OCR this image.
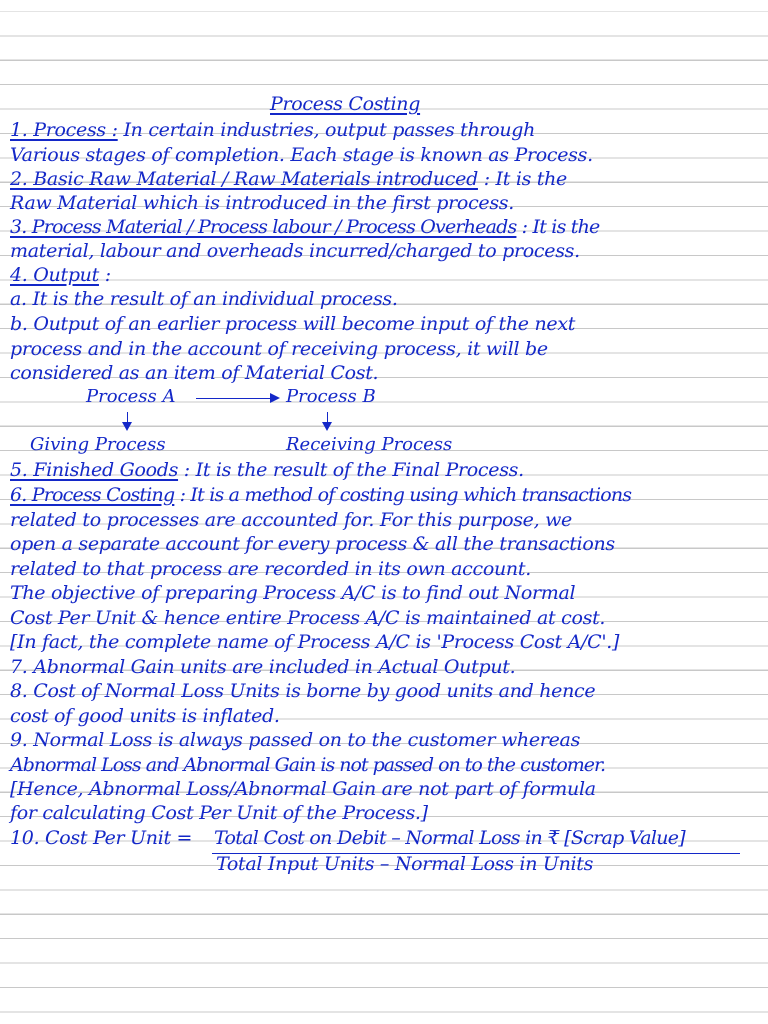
Process Costing
1. Process : In certain industries, output passes through
Various stages of completion. Each stage is known as Process.
2. Basic Raw Material / Raw Materials introduced : It is the
Raw Material which is introduced in the first process.
3. Process Material / Process labour / Process Overheads : It is the
material, labour and overheads incurred/charged to process.
4. Output :
a. It is the result of an individual process.
b. Output of an earlier process will become input of the next
process and in the account of receiving process, it will be
considered as an item of Material Cost.
Process A	Process B
Giving Process	Receiving Process
5. Finished Goods : It is the result of the Final Process.
6. Process Costing : It is a method of costing using which transactions
related to processes are accounted for. For this purpose, we
open a separate account for every process & all the transactions
related to that process are recorded in its own account.
The objective of preparing Process A/C is to find out Normal
Cost Per Unit & hence entire Process A/C is maintained at cost.
[In fact, the complete name of Process A/C is 'Process Cost A/C'.]
7. Abnormal Gain units are included in Actual Output.
8. Cost of Normal Loss Units is borne by good units and hence
cost of good units is inflated.
9. Normal Loss is always passed on to the customer whereas
Abnormal Loss and Abnormal Gain is not passed on to the customer.
[Hence, Abnormal Loss/Abnormal Gain are not part of formula
for calculating Cost Per Unit of the Process.]
10. Cost Per Unit = Total Cost on Debit – Normal Loss in ₹ [Scrap Value]
Total Input Units – Normal Loss in Units
